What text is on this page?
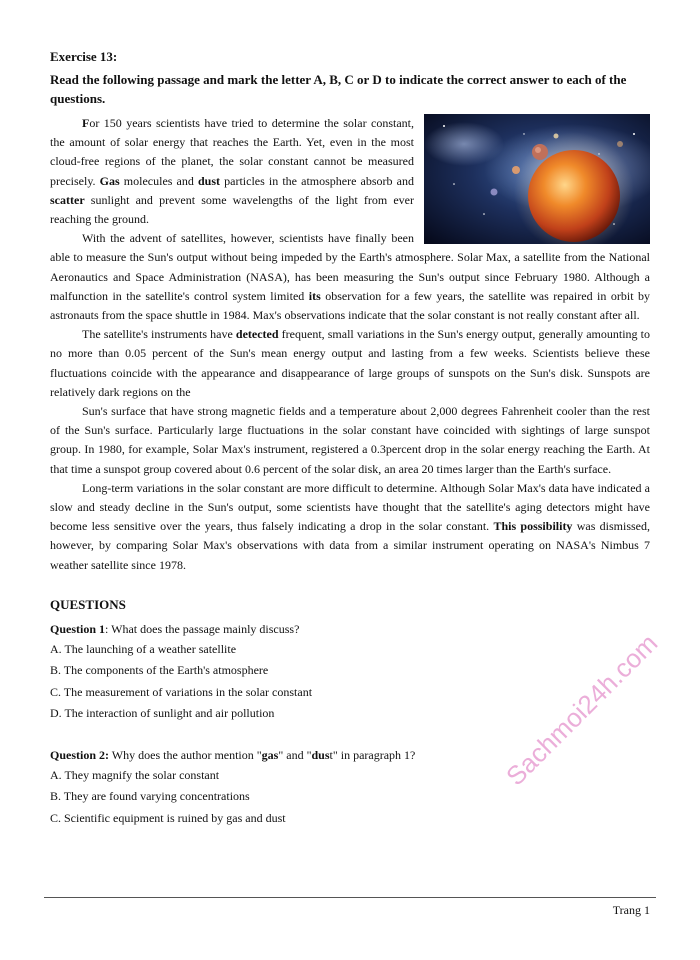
Exercise 13:
Read the following passage and mark the letter A, B, C or D to indicate the correct answer to each of the questions.

For 150 years scientists have tried to determine the solar constant, the amount of solar energy that reaches the Earth. Yet, even in the most cloud-free regions of the planet, the solar constant cannot be measured precisely. Gas molecules and dust particles in the atmosphere absorb and scatter sunlight and prevent some wavelengths of the light from ever reaching the ground.

With the advent of satellites, however, scientists have finally been able to measure the Sun's output without being impeded by the Earth's atmosphere. Solar Max, a satellite from the National Aeronautics and Space Administration (NASA), has been measuring the Sun's output since February 1980. Although a malfunction in the satellite's control system limited its observation for a few years, the satellite was repaired in orbit by astronauts from the space shuttle in 1984. Max's observations indicate that the solar constant is not really constant after all.

The satellite's instruments have detected frequent, small variations in the Sun's energy output, generally amounting to no more than 0.05 percent of the Sun's mean energy output and lasting from a few weeks. Scientists believe these fluctuations coincide with the appearance and disappearance of large groups of sunspots on the Sun's disk. Sunspots are relatively dark regions on the

Sun's surface that have strong magnetic fields and a temperature about 2,000 degrees Fahrenheit cooler than the rest of the Sun's surface. Particularly large fluctuations in the solar constant have coincided with sightings of large sunspot group. In 1980, for example, Solar Max's instrument, registered a 0.3percent drop in the solar energy reaching the Earth. At that time a sunspot group covered about 0.6 percent of the solar disk, an area 20 times larger than the Earth's surface.

Long-term variations in the solar constant are more difficult to determine. Although Solar Max's data have indicated a slow and steady decline in the Sun's output, some scientists have thought that the satellite's aging detectors might have become less sensitive over the years, thus falsely indicating a drop in the solar constant. This possibility was dismissed, however, by comparing Solar Max's observations with data from a similar instrument operating on NASA's Nimbus 7 weather satellite since 1978.

QUESTIONS

Question 1: What does the passage mainly discuss?

A. The launching of a weather satellite

B. The components of the Earth's atmosphere

C. The measurement of variations in the solar constant

D. The interaction of sunlight and air pollution

Question 2: Why does the author mention "gas" and "dust" in paragraph 1?

A. They magnify the solar constant

B. They are found varying concentrations

C. Scientific equipment is ruined by gas and dust

Sachmoi24h.com
Trang 1
